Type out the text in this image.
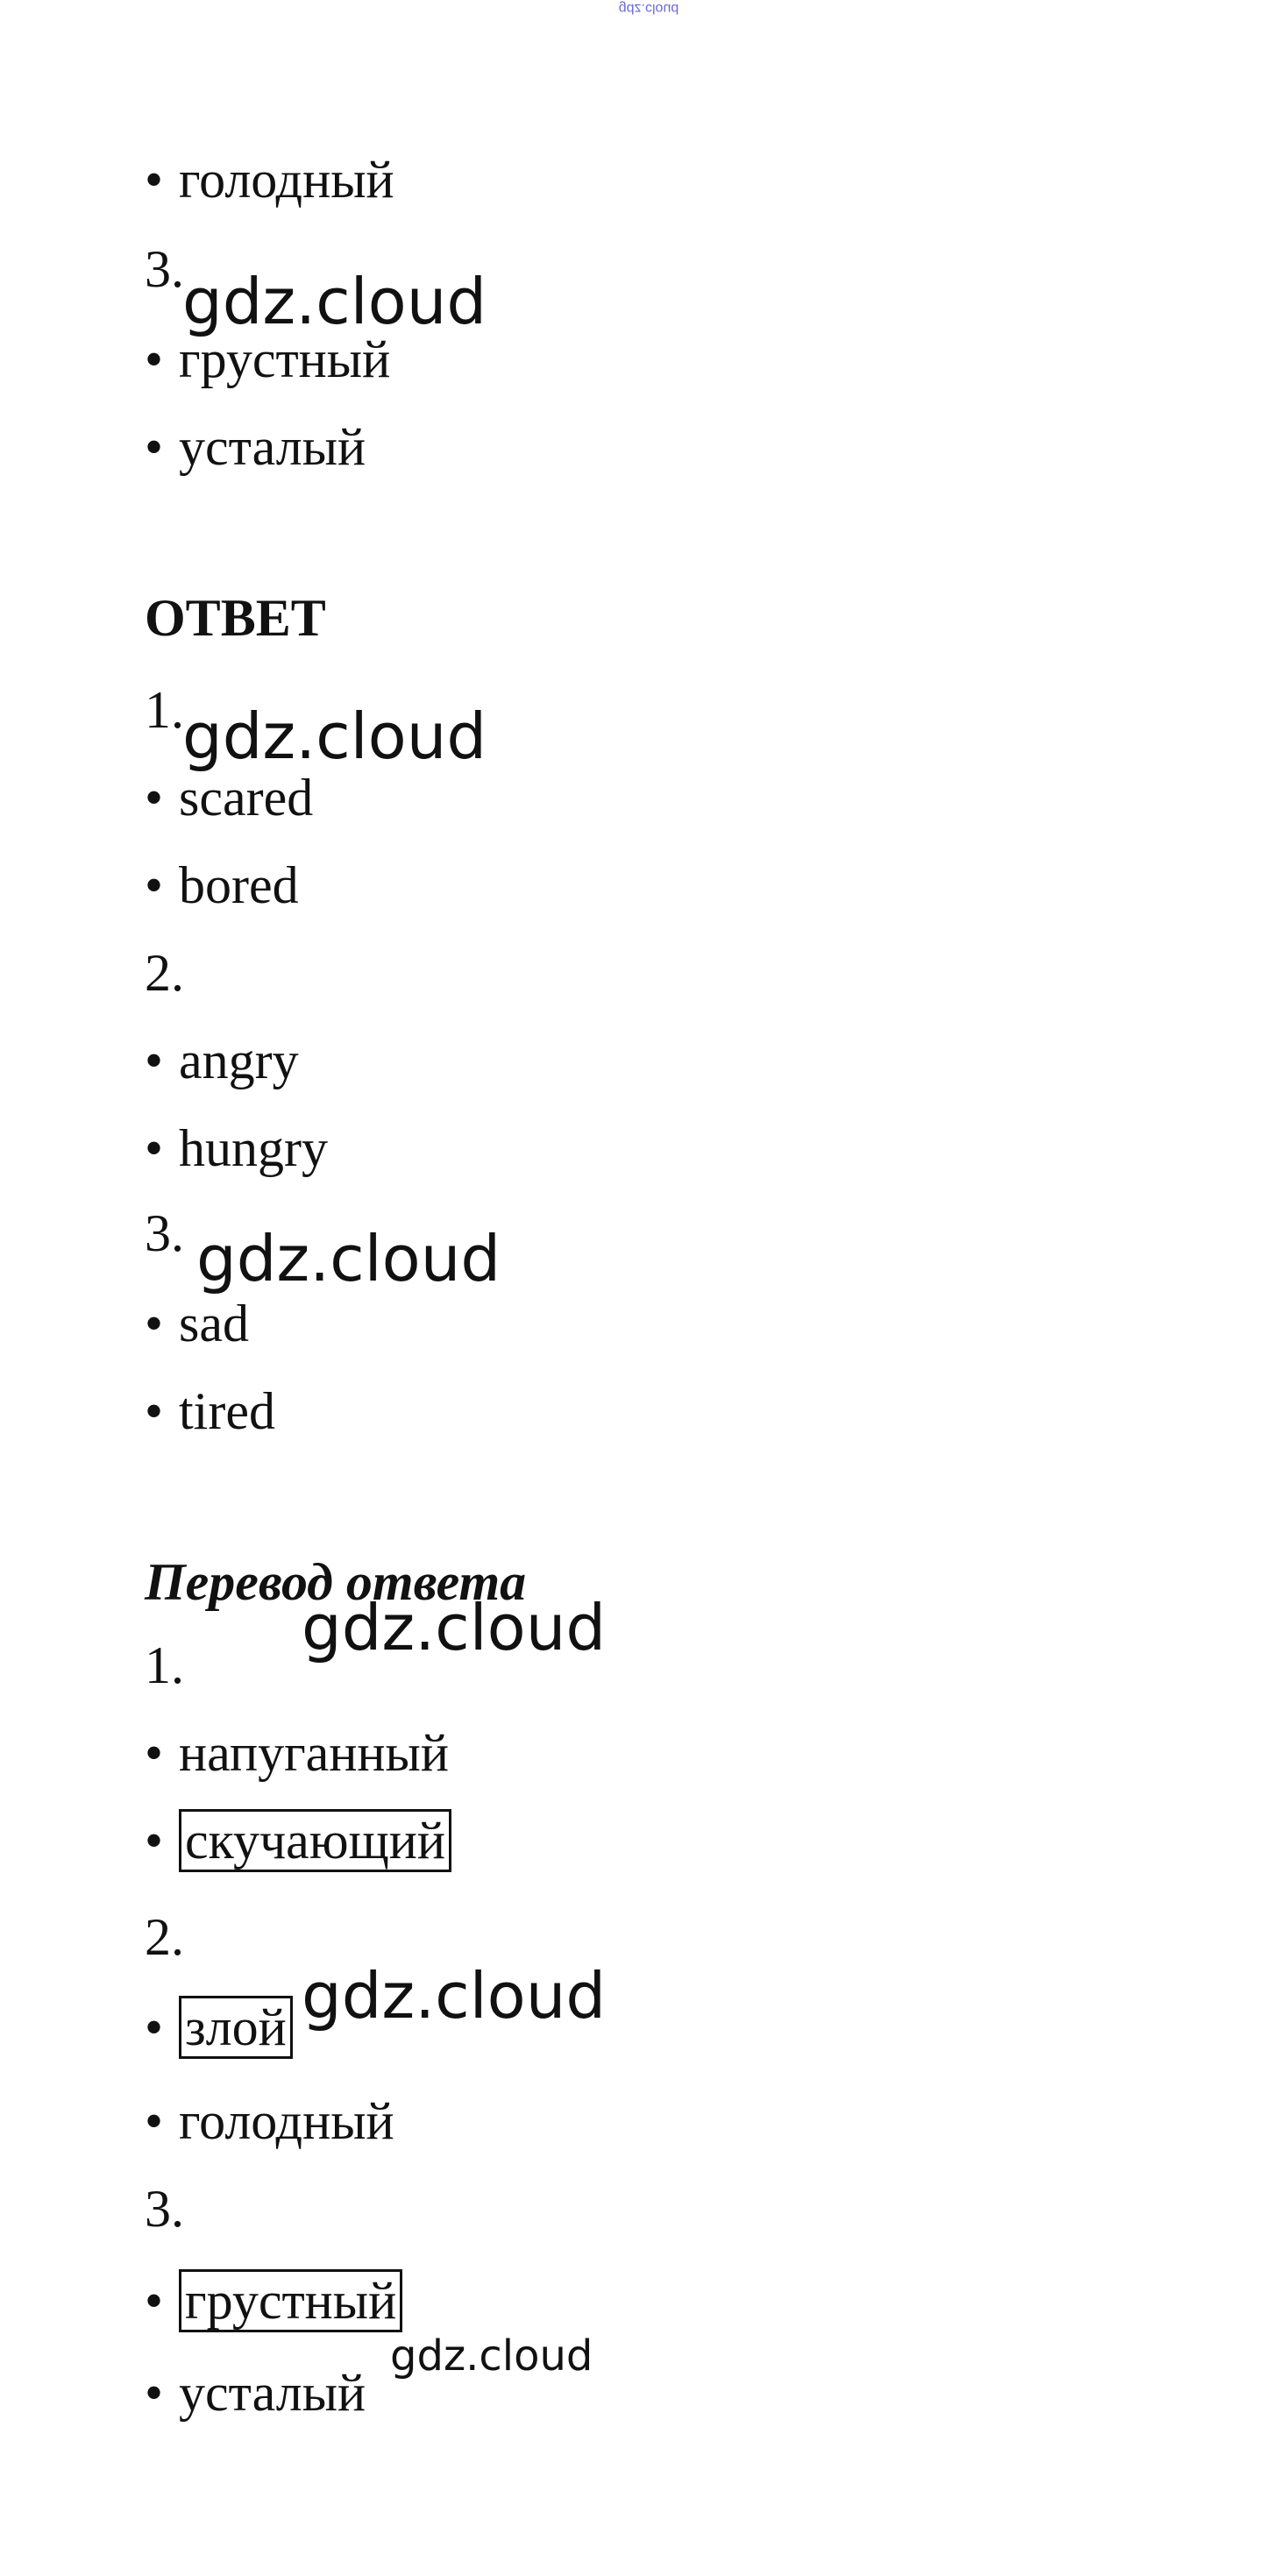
gdz.cloud
• голодный
3.
• грустный
• усталый
ОТВЕТ
1.
• scared
• bored
2.
• angry
• hungry
3.
• sad
• tired
Перевод ответа
1.
• напуганный
• скучающий
2.
• злой
• голодный
3.
• грустный
• усталый
gdz.cloud
gdz.cloud
gdz.cloud
gdz.cloud
gdz.cloud
gdz.cloud
